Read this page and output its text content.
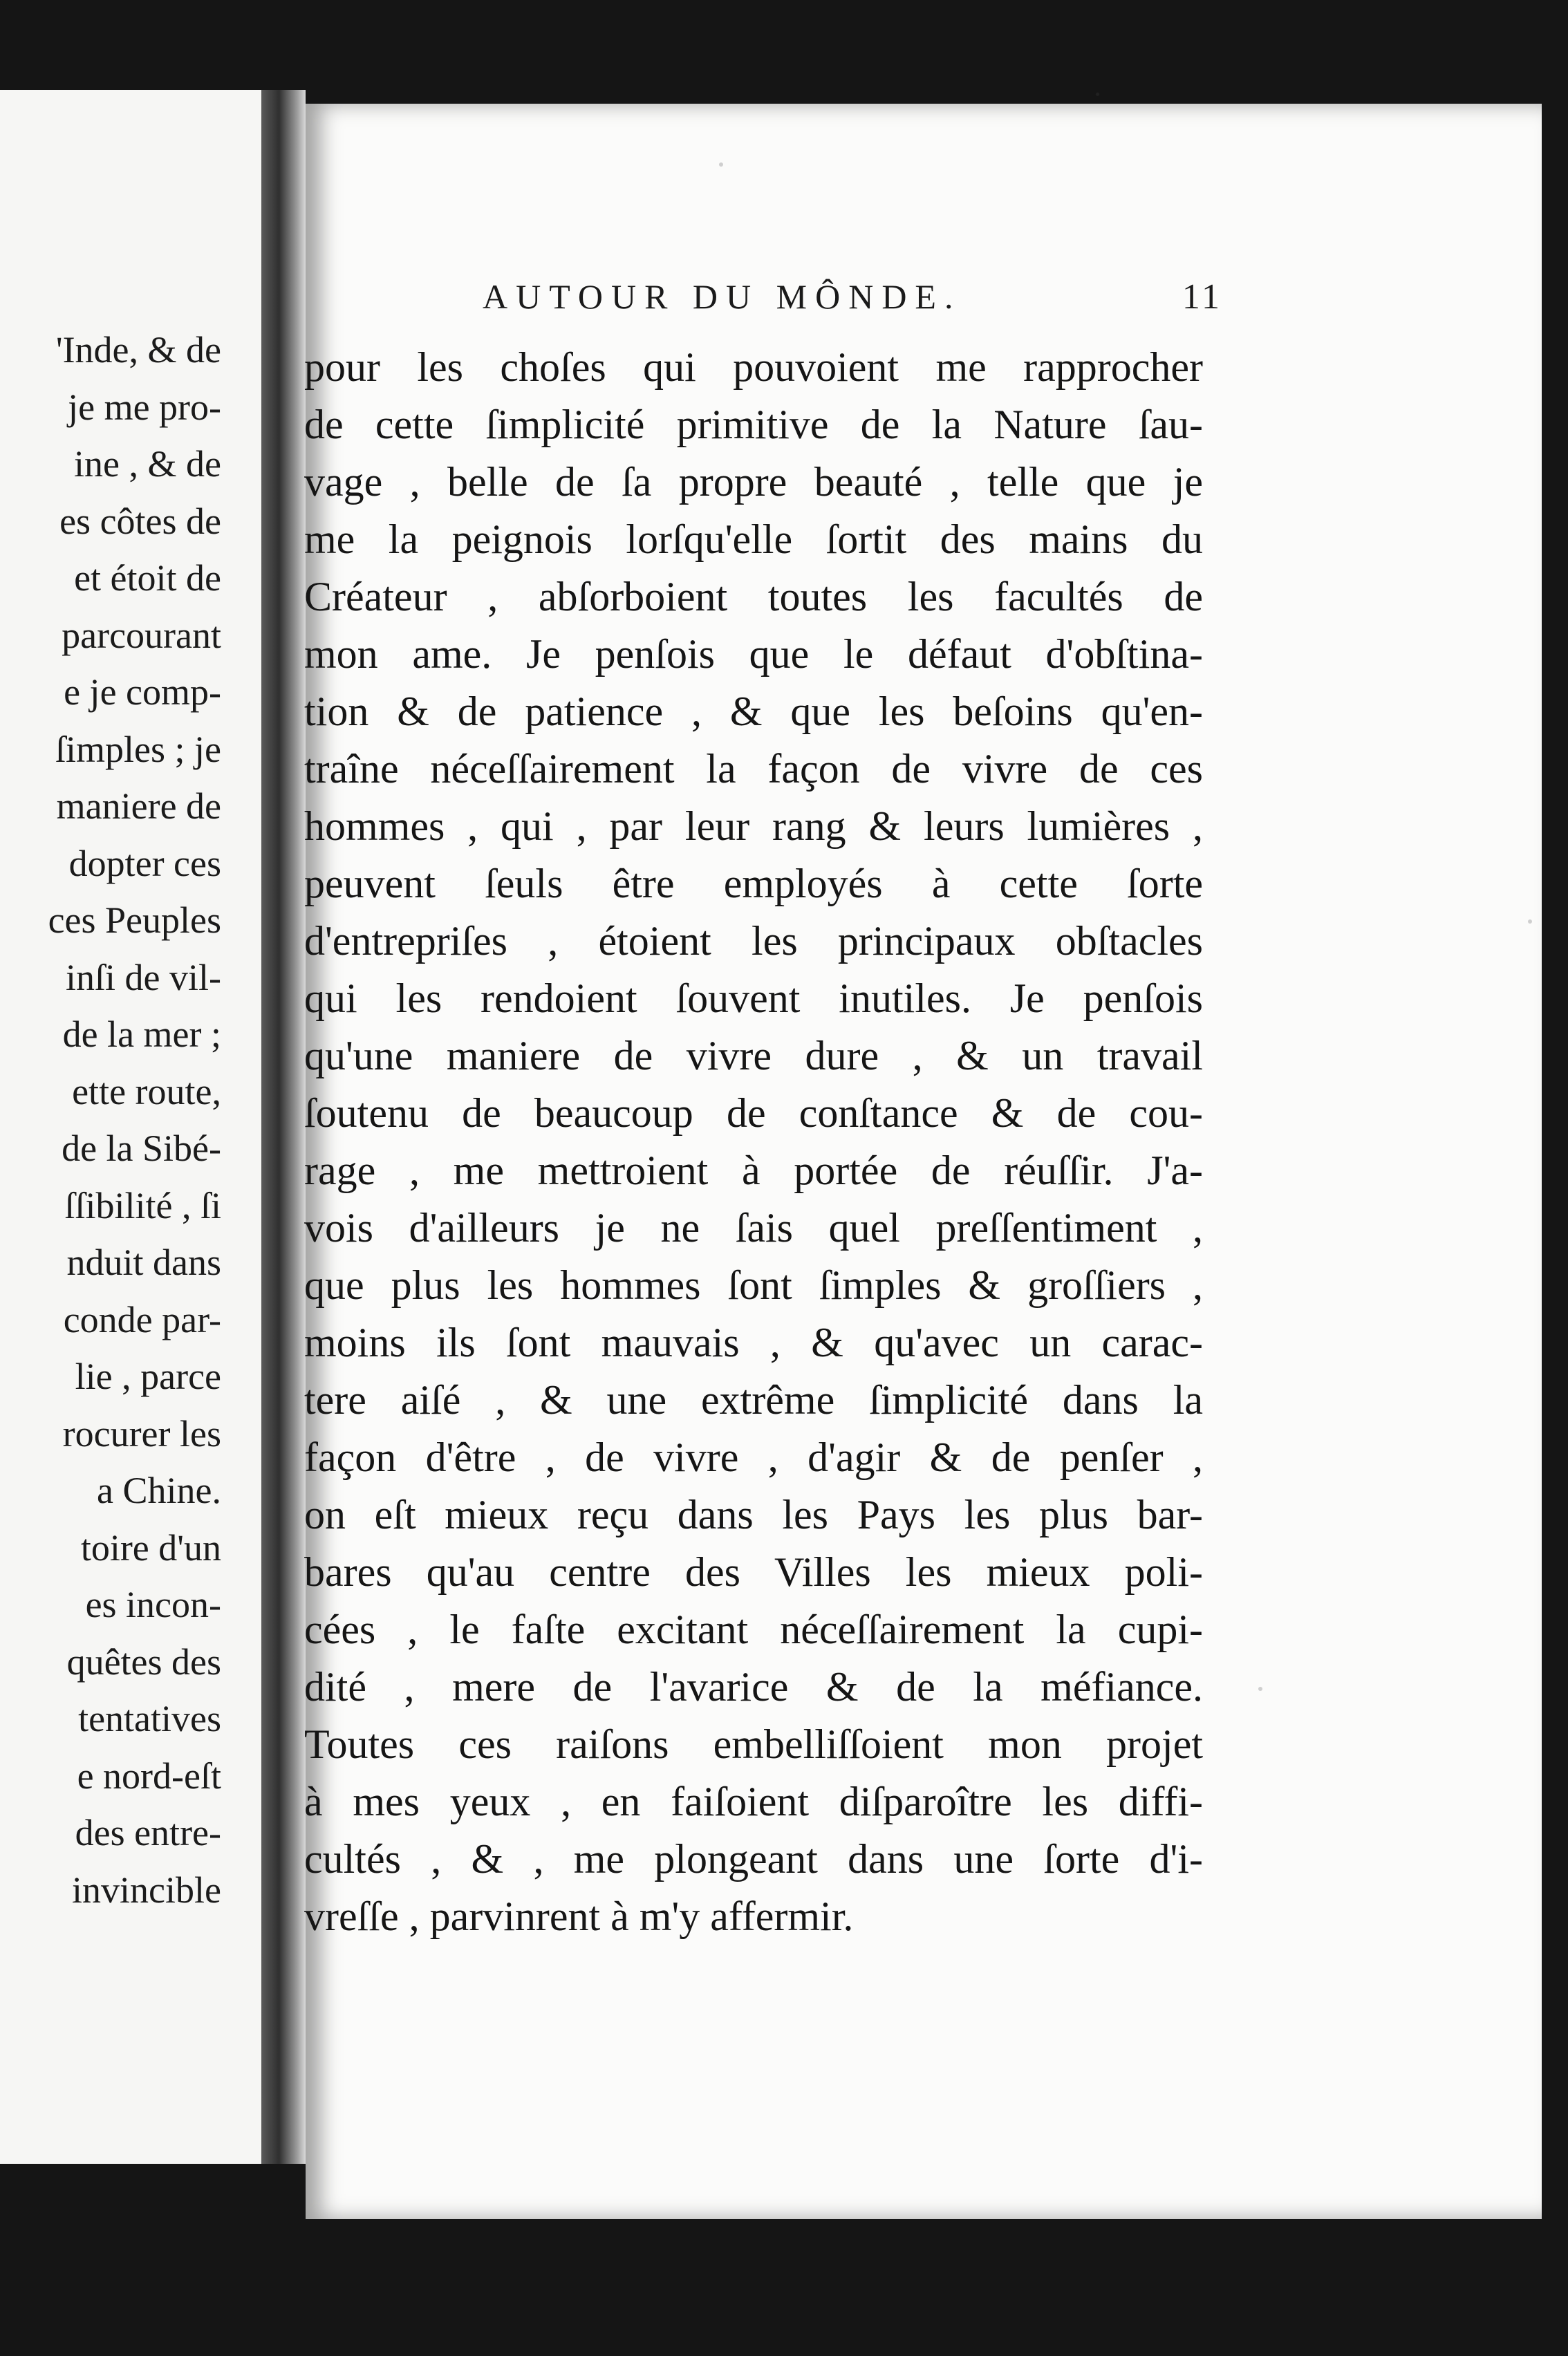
'Inde, & de
je me pro-
ine , & de
es côtes de
et étoit de
parcourant
e je comp-
ſimples ; je
maniere de
dopter ces
ces Peuples
inſi de vil-
de la mer ;
ette route,
de la Sibé-
ſſibilité , ſi
nduit dans
conde par-
lie , parce
rocurer les
a Chine.
toire d'un
es incon-
quêtes des
tentatives
e nord-eſt
des entre-
invincible
AUTOUR DU MÔNDE.	11
pour les choſes qui pouvoient me rapprocher
de cette ſimplicité primitive de la Nature ſau-
vage , belle de ſa propre beauté , telle que je
me la peignois lorſqu'elle ſortit des mains du
Créateur , abſorboient toutes les facultés de
mon ame. Je penſois que le défaut d'obſtina-
tion & de patience , & que les beſoins qu'en-
traîne néceſſairement la façon de vivre de ces
hommes , qui , par leur rang & leurs lumières ,
peuvent ſeuls être employés à cette ſorte
d'entrepriſes , étoient les principaux obſtacles
qui les rendoient ſouvent inutiles. Je penſois
qu'une maniere de vivre dure , & un travail
ſoutenu de beaucoup de conſtance & de cou-
rage , me mettroient à portée de réuſſir. J'a-
vois d'ailleurs je ne ſais quel preſſentiment ,
que plus les hommes ſont ſimples & groſſiers ,
moins ils ſont mauvais , & qu'avec un carac-
tere aiſé , & une extrême ſimplicité dans la
façon d'être , de vivre , d'agir & de penſer ,
on eſt mieux reçu dans les Pays les plus bar-
bares qu'au centre des Villes les mieux poli-
cées , le faſte excitant néceſſairement la cupi-
dité , mere de l'avarice & de la méfiance.
Toutes ces raiſons embelliſſoient mon projet
à mes yeux , en faiſoient diſparoître les diffi-
cultés , & , me plongeant dans une ſorte d'i-
vreſſe , parvinrent à m'y affermir.
